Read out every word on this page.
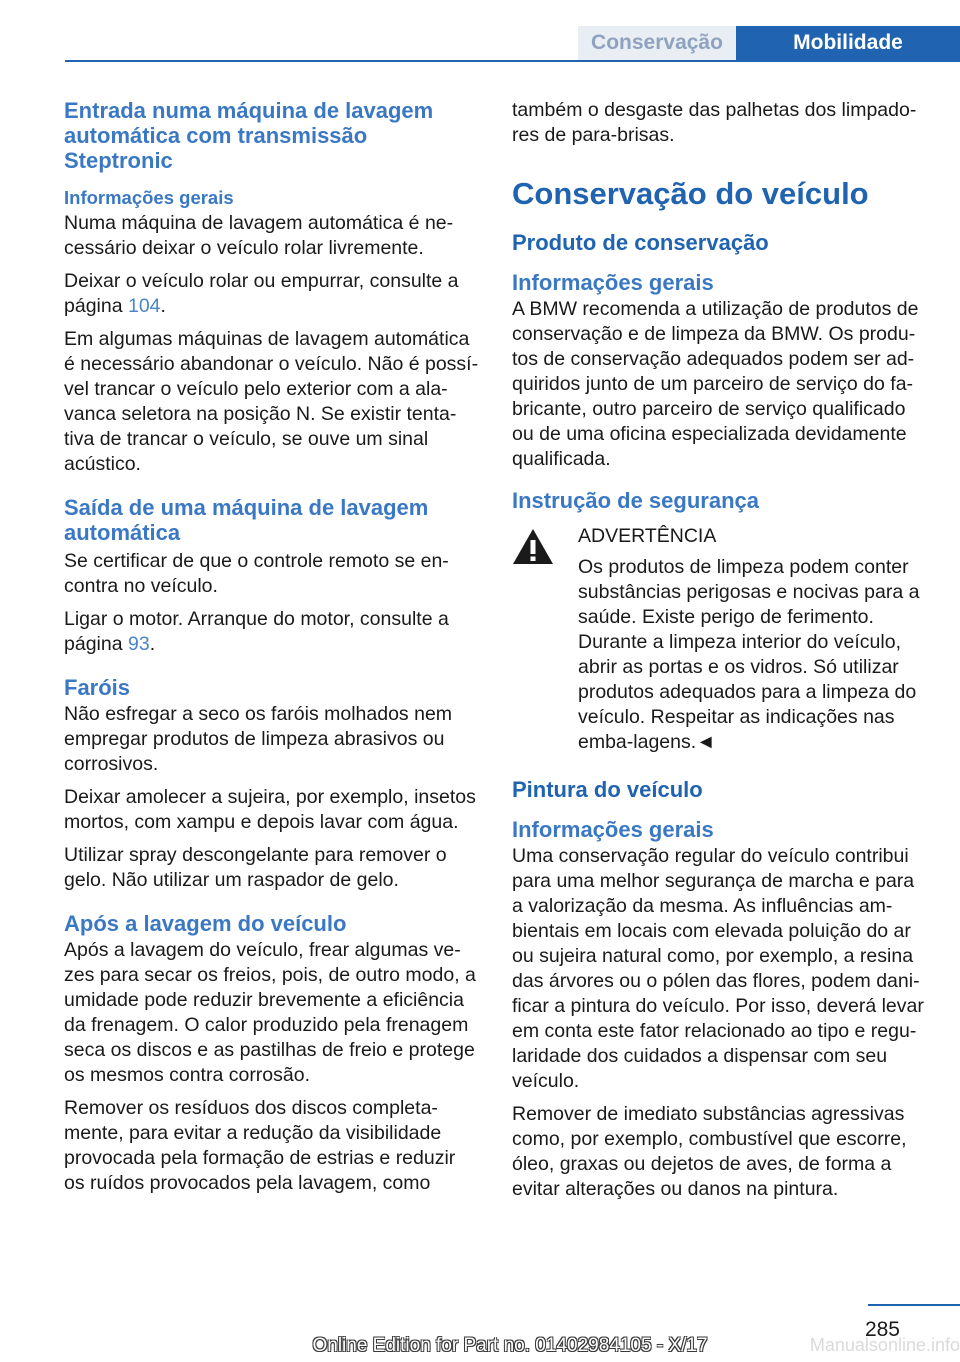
Conservação	Mobilidade
Entrada numa máquina de lavagem automática com transmissão Steptronic
Informações gerais

Numa máquina de lavagem automática é ne-cessário deixar o veículo rolar livremente.

Deixar o veículo rolar ou empurrar, consulte a página 104.

Em algumas máquinas de lavagem automática é necessário abandonar o veículo. Não é possí-vel trancar o veículo pelo exterior com a ala-vanca seletora na posição N. Se existir tenta-tiva de trancar o veículo, se ouve um sinal acústico.

Saída de uma máquina de lavagem automática

Se certificar de que o controle remoto se en-contra no veículo.

Ligar o motor. Arranque do motor, consulte a página 93.

Faróis

Não esfregar a seco os faróis molhados nem empregar produtos de limpeza abrasivos ou corrosivos.

Deixar amolecer a sujeira, por exemplo, insetos mortos, com xampu e depois lavar com água.

Utilizar spray descongelante para remover o gelo. Não utilizar um raspador de gelo.

Após a lavagem do veículo

Após a lavagem do veículo, frear algumas ve-zes para secar os freios, pois, de outro modo, a umidade pode reduzir brevemente a eficiência da frenagem. O calor produzido pela frenagem seca os discos e as pastilhas de freio e protege os mesmos contra corrosão.

Remover os resíduos dos discos completa-mente, para evitar a redução da visibilidade provocada pela formação de estrias e reduzir os ruídos provocados pela lavagem, como

também o desgaste das palhetas dos limpado-res de para-brisas.

Conservação do veículo
Produto de conservação
Informações gerais

A BMW recomenda a utilização de produtos de conservação e de limpeza da BMW. Os produ-tos de conservação adequados podem ser ad-quiridos junto de um parceiro de serviço do fa-bricante, outro parceiro de serviço qualificado ou de uma oficina especializada devidamente qualificada.

Instrução de segurança
ADVERTÊNCIA

Os produtos de limpeza podem conter substâncias perigosas e nocivas para a saúde. Existe perigo de ferimento. Durante a limpeza interior do veículo, abrir as portas e os vidros. Só utilizar produtos adequados para a limpeza do veículo. Respeitar as indicações nas emba-lagens.◄

Pintura do veículo
Informações gerais

Uma conservação regular do veículo contribui para uma melhor segurança de marcha e para a valorização da mesma. As influências am-bientais em locais com elevada poluição do ar ou sujeira natural como, por exemplo, a resina das árvores ou o pólen das flores, podem dani-ficar a pintura do veículo. Por isso, deverá levar em conta este fator relacionado ao tipo e regu-laridade dos cuidados a dispensar com seu veículo.

Remover de imediato substâncias agressivas como, por exemplo, combustível que escorre, óleo, graxas ou dejetos de aves, de forma a evitar alterações ou danos na pintura.

285
Online Edition for Part no. 01402984105 - X/17	Manualsonline.info
